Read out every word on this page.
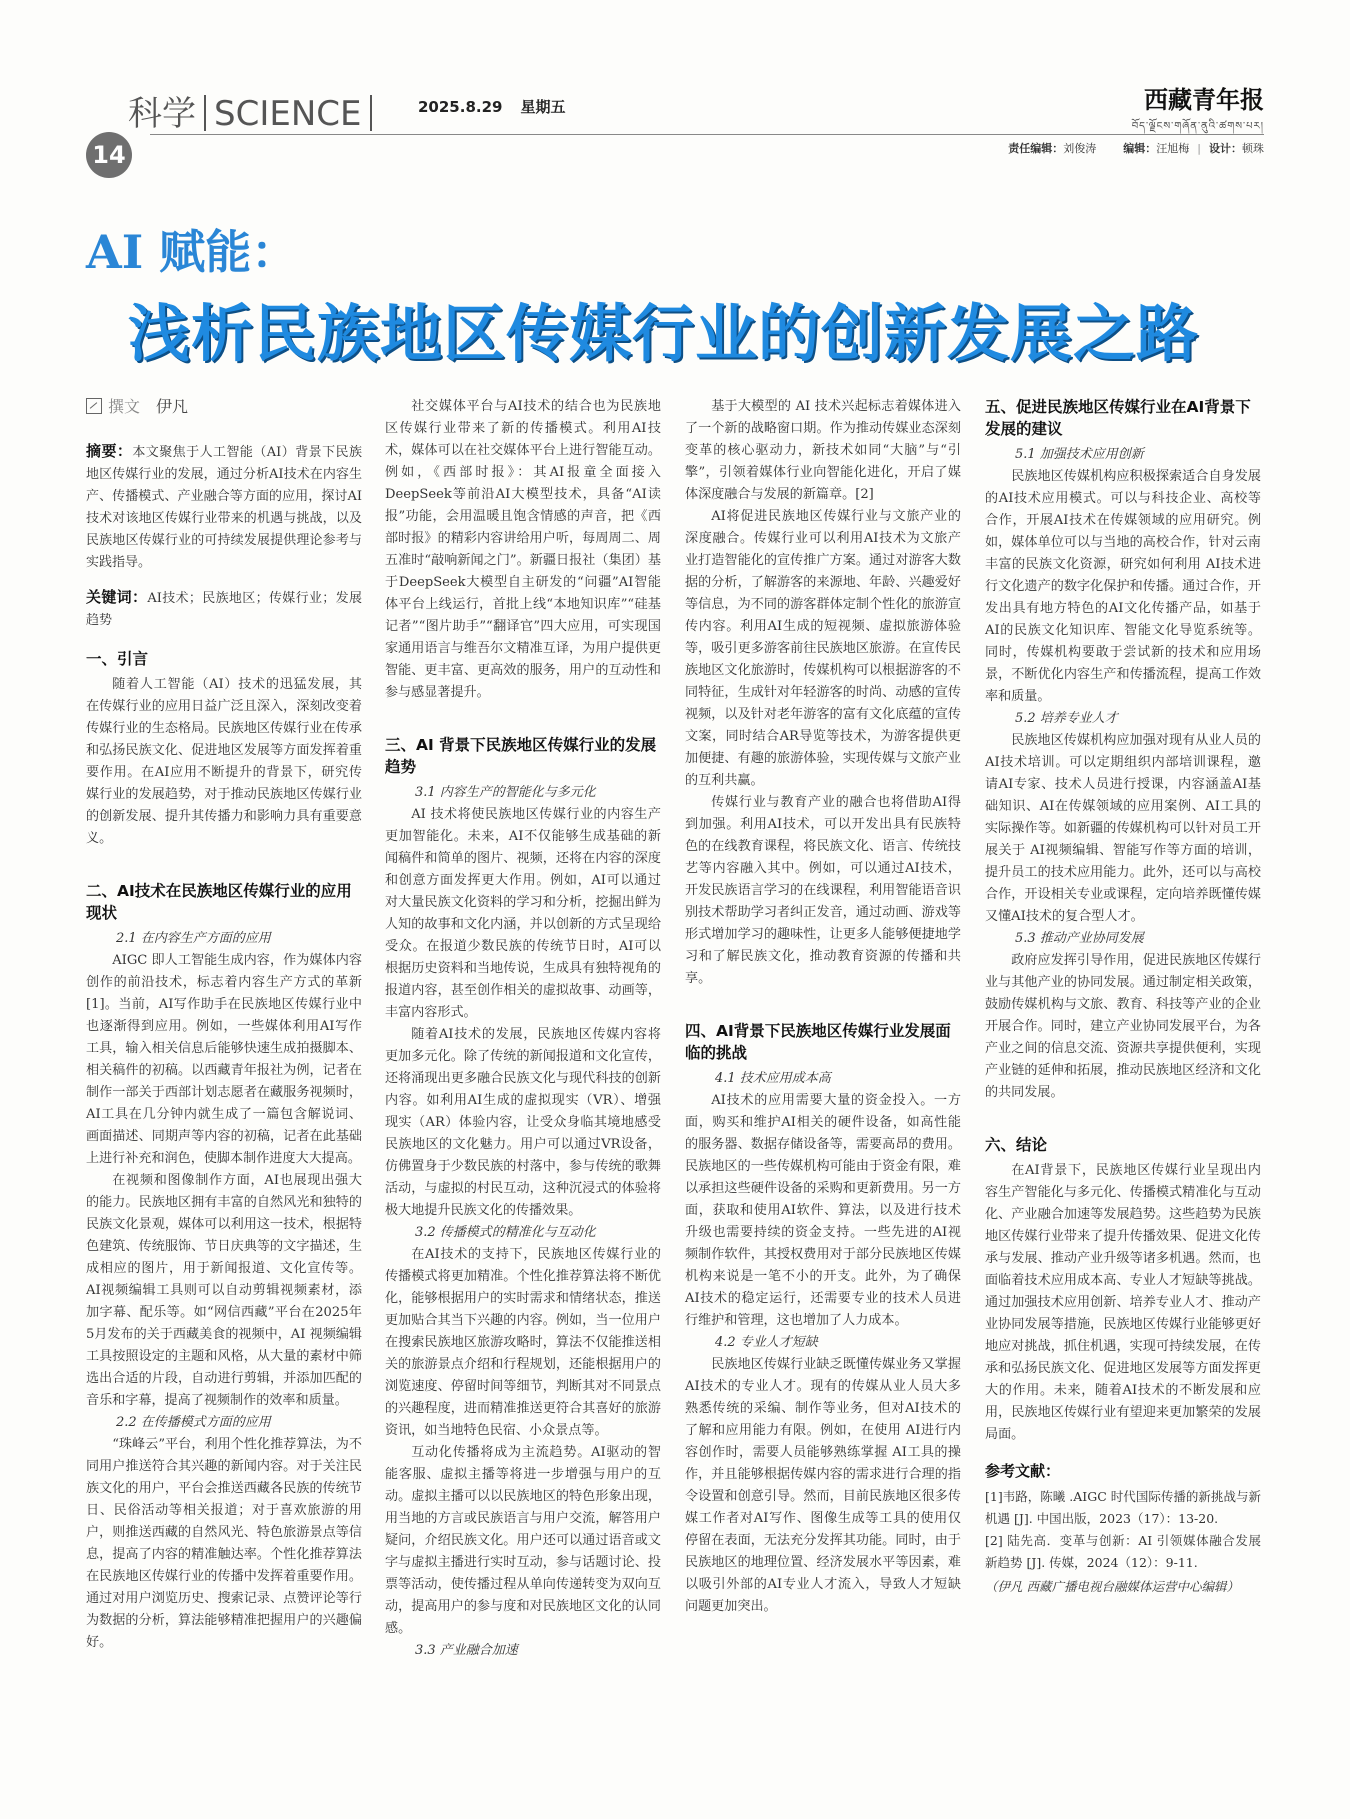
科学 SCIENCE
14
2025.8.29 星期五	西藏青年报
བོད་ལྗོངས་གཞོན་ནུའི་ཚགས་པར།
责任编辑：刘俊涛　 编辑：汪旭梅 | 设计：顿珠
AI 赋能：
浅析民族地区传媒行业的创新发展之路
撰文　 伊凡
摘要：本文聚焦于人工智能（AI）背景下民族地区传媒行业的发展，通过分析AI技术在内容生产、传播模式、产业融合等方面的应用，探讨AI技术对该地区传媒行业带来的机遇与挑战，以及民族地区传媒行业的可持续发展提供理论参考与实践指导。
关键词：AI技术；民族地区；传媒行业；发展趋势
一、引言

随着人工智能（AI）技术的迅猛发展，其在传媒行业的应用日益广泛且深入，深刻改变着传媒行业的生态格局。民族地区传媒行业在传承和弘扬民族文化、促进地区发展等方面发挥着重要作用。在AI应用不断提升的背景下，研究传媒行业的发展趋势，对于推动民族地区传媒行业的创新发展、提升其传播力和影响力具有重要意义。

二、AI技术在民族地区传媒行业的应用现状
2.1 在内容生产方面的应用

AIGC 即人工智能生成内容，作为媒体内容创作的前沿技术，标志着内容生产方式的革新 [1]。当前，AI写作助手在民族地区传媒行业中也逐渐得到应用。例如，一些媒体利用AI写作工具，输入相关信息后能够快速生成拍摄脚本、相关稿件的初稿。以西藏青年报社为例，记者在制作一部关于西部计划志愿者在藏服务视频时，AI工具在几分钟内就生成了一篇包含解说词、画面描述、同期声等内容的初稿，记者在此基础上进行补充和润色，使脚本制作进度大大提高。

在视频和图像制作方面，AI也展现出强大的能力。民族地区拥有丰富的自然风光和独特的民族文化景观，媒体可以利用这一技术，根据特色建筑、传统服饰、节日庆典等的文字描述，生成相应的图片，用于新闻报道、文化宣传等。AI视频编辑工具则可以自动剪辑视频素材，添加字幕、配乐等。如“网信西藏”平台在2025年5月发布的关于西藏美食的视频中，AI 视频编辑工具按照设定的主题和风格，从大量的素材中筛选出合适的片段，自动进行剪辑，并添加匹配的音乐和字幕，提高了视频制作的效率和质量。

2.2 在传播模式方面的应用

“珠峰云”平台，利用个性化推荐算法，为不同用户推送符合其兴趣的新闻内容。对于关注民族文化的用户，平台会推送西藏各民族的传统节日、民俗活动等相关报道；对于喜欢旅游的用户，则推送西藏的自然风光、特色旅游景点等信息，提高了内容的精准触达率。个性化推荐算法在民族地区传媒行业的传播中发挥着重要作用。通过对用户浏览历史、搜索记录、点赞评论等行为数据的分析，算法能够精准把握用户的兴趣偏好。

社交媒体平台与AI技术的结合也为民族地区传媒行业带来了新的传播模式。利用AI技术，媒体可以在社交媒体平台上进行智能互动。例如，《西部时报》：其AI报童全面接入DeepSeek等前沿AI大模型技术，具备“AI读报”功能，会用温暖且饱含情感的声音，把《西部时报》的精彩内容讲给用户听，每周周二、周五准时“敲响新闻之门”。新疆日报社（集团）基于DeepSeek大模型自主研发的“问疆”AI智能体平台上线运行，首批上线“本地知识库”“硅基记者”“图片助手”“翻译官”四大应用，可实现国家通用语言与维吾尔文精准互译，为用户提供更智能、更丰富、更高效的服务，用户的互动性和参与感显著提升。

三、AI 背景下民族地区传媒行业的发展趋势
3.1 内容生产的智能化与多元化

AI 技术将使民族地区传媒行业的内容生产更加智能化。未来，AI不仅能够生成基础的新闻稿件和简单的图片、视频，还将在内容的深度和创意方面发挥更大作用。例如，AI可以通过对大量民族文化资料的学习和分析，挖掘出鲜为人知的故事和文化内涵，并以创新的方式呈现给受众。在报道少数民族的传统节日时，AI可以根据历史资料和当地传说，生成具有独特视角的报道内容，甚至创作相关的虚拟故事、动画等，丰富内容形式。

随着AI技术的发展，民族地区传媒内容将更加多元化。除了传统的新闻报道和文化宣传，还将涌现出更多融合民族文化与现代科技的创新内容。如利用AI生成的虚拟现实（VR）、增强现实（AR）体验内容，让受众身临其境地感受民族地区的文化魅力。用户可以通过VR设备，仿佛置身于少数民族的村落中，参与传统的歌舞活动，与虚拟的村民互动，这种沉浸式的体验将极大地提升民族文化的传播效果。

3.2 传播模式的精准化与互动化

在AI技术的支持下，民族地区传媒行业的传播模式将更加精准。个性化推荐算法将不断优化，能够根据用户的实时需求和情绪状态，推送更加贴合其当下兴趣的内容。例如，当一位用户在搜索民族地区旅游攻略时，算法不仅能推送相关的旅游景点介绍和行程规划，还能根据用户的浏览速度、停留时间等细节，判断其对不同景点的兴趣程度，进而精准推送更符合其喜好的旅游资讯，如当地特色民宿、小众景点等。

互动化传播将成为主流趋势。AI驱动的智能客服、虚拟主播等将进一步增强与用户的互动。虚拟主播可以以民族地区的特色形象出现，用当地的方言或民族语言与用户交流，解答用户疑问，介绍民族文化。用户还可以通过语音或文字与虚拟主播进行实时互动，参与话题讨论、投票等活动，使传播过程从单向传递转变为双向互动，提高用户的参与度和对民族地区文化的认同感。

3.3 产业融合加速

基于大模型的 AI 技术兴起标志着媒体进入了一个新的战略窗口期。作为推动传媒业态深刻变革的核心驱动力，新技术如同“大脑”与“引擎”，引领着媒体行业向智能化进化，开启了媒体深度融合与发展的新篇章。[2]

AI将促进民族地区传媒行业与文旅产业的深度融合。传媒行业可以利用AI技术为文旅产业打造智能化的宣传推广方案。通过对游客大数据的分析，了解游客的来源地、年龄、兴趣爱好等信息，为不同的游客群体定制个性化的旅游宣传内容。利用AI生成的短视频、虚拟旅游体验等，吸引更多游客前往民族地区旅游。在宣传民族地区文化旅游时，传媒机构可以根据游客的不同特征，生成针对年轻游客的时尚、动感的宣传视频，以及针对老年游客的富有文化底蕴的宣传文案，同时结合AR导览等技术，为游客提供更加便捷、有趣的旅游体验，实现传媒与文旅产业的互利共赢。

传媒行业与教育产业的融合也将借助AI得到加强。利用AI技术，可以开发出具有民族特色的在线教育课程，将民族文化、语言、传统技艺等内容融入其中。例如，可以通过AI技术，开发民族语言学习的在线课程，利用智能语音识别技术帮助学习者纠正发音，通过动画、游戏等形式增加学习的趣味性，让更多人能够便捷地学习和了解民族文化，推动教育资源的传播和共享。

四、AI背景下民族地区传媒行业发展面临的挑战
4.1 技术应用成本高

AI技术的应用需要大量的资金投入。一方面，购买和维护AI相关的硬件设备，如高性能的服务器、数据存储设备等，需要高昂的费用。民族地区的一些传媒机构可能由于资金有限，难以承担这些硬件设备的采购和更新费用。另一方面，获取和使用AI软件、算法，以及进行技术升级也需要持续的资金支持。一些先进的AI视频制作软件，其授权费用对于部分民族地区传媒机构来说是一笔不小的开支。此外，为了确保 AI技术的稳定运行，还需要专业的技术人员进行维护和管理，这也增加了人力成本。

4.2 专业人才短缺

民族地区传媒行业缺乏既懂传媒业务又掌握AI技术的专业人才。现有的传媒从业人员大多熟悉传统的采编、制作等业务，但对AI技术的了解和应用能力有限。例如，在使用 AI进行内容创作时，需要人员能够熟练掌握 AI工具的操作，并且能够根据传媒内容的需求进行合理的指令设置和创意引导。然而，目前民族地区很多传媒工作者对AI写作、图像生成等工具的使用仅停留在表面，无法充分发挥其功能。同时，由于民族地区的地理位置、经济发展水平等因素，难以吸引外部的AI专业人才流入，导致人才短缺问题更加突出。

五、促进民族地区传媒行业在AI背景下发展的建议
5.1 加强技术应用创新

民族地区传媒机构应积极探索适合自身发展的AI技术应用模式。可以与科技企业、高校等合作，开展AI技术在传媒领域的应用研究。例如，媒体单位可以与当地的高校合作，针对云南丰富的民族文化资源，研究如何利用 AI技术进行文化遗产的数字化保护和传播。通过合作，开发出具有地方特色的AI文化传播产品，如基于AI的民族文化知识库、智能文化导览系统等。同时，传媒机构要敢于尝试新的技术和应用场景，不断优化内容生产和传播流程，提高工作效率和质量。

5.2 培养专业人才

民族地区传媒机构应加强对现有从业人员的AI技术培训。可以定期组织内部培训课程，邀请AI专家、技术人员进行授课，内容涵盖AI基础知识、AI在传媒领域的应用案例、AI工具的实际操作等。如新疆的传媒机构可以针对员工开展关于 AI视频编辑、智能写作等方面的培训，提升员工的技术应用能力。此外，还可以与高校合作，开设相关专业或课程，定向培养既懂传媒又懂AI技术的复合型人才。

5.3 推动产业协同发展

政府应发挥引导作用，促进民族地区传媒行业与其他产业的协同发展。通过制定相关政策，鼓励传媒机构与文旅、教育、科技等产业的企业开展合作。同时，建立产业协同发展平台，为各产业之间的信息交流、资源共享提供便利，实现产业链的延伸和拓展，推动民族地区经济和文化的共同发展。

六、结论

在AI背景下，民族地区传媒行业呈现出内容生产智能化与多元化、传播模式精准化与互动化、产业融合加速等发展趋势。这些趋势为民族地区传媒行业带来了提升传播效果、促进文化传承与发展、推动产业升级等诸多机遇。然而，也面临着技术应用成本高、专业人才短缺等挑战。通过加强技术应用创新、培养专业人才、推动产业协同发展等措施，民族地区传媒行业能够更好地应对挑战，抓住机遇，实现可持续发展，在传承和弘扬民族文化、促进地区发展等方面发挥更大的作用。未来，随着AI技术的不断发展和应用，民族地区传媒行业有望迎来更加繁荣的发展局面。

参考文献：

[1]韦路，陈曦 .AIGC 时代国际传播的新挑战与新机遇 [J]. 中国出版，2023（17）：13-20.

[2] 陆先高．变革与创新：AI 引领媒体融合发展新趋势 [J]. 传媒，2024（12）：9-11.

（伊凡 西藏广播电视台融媒体运营中心编辑）
